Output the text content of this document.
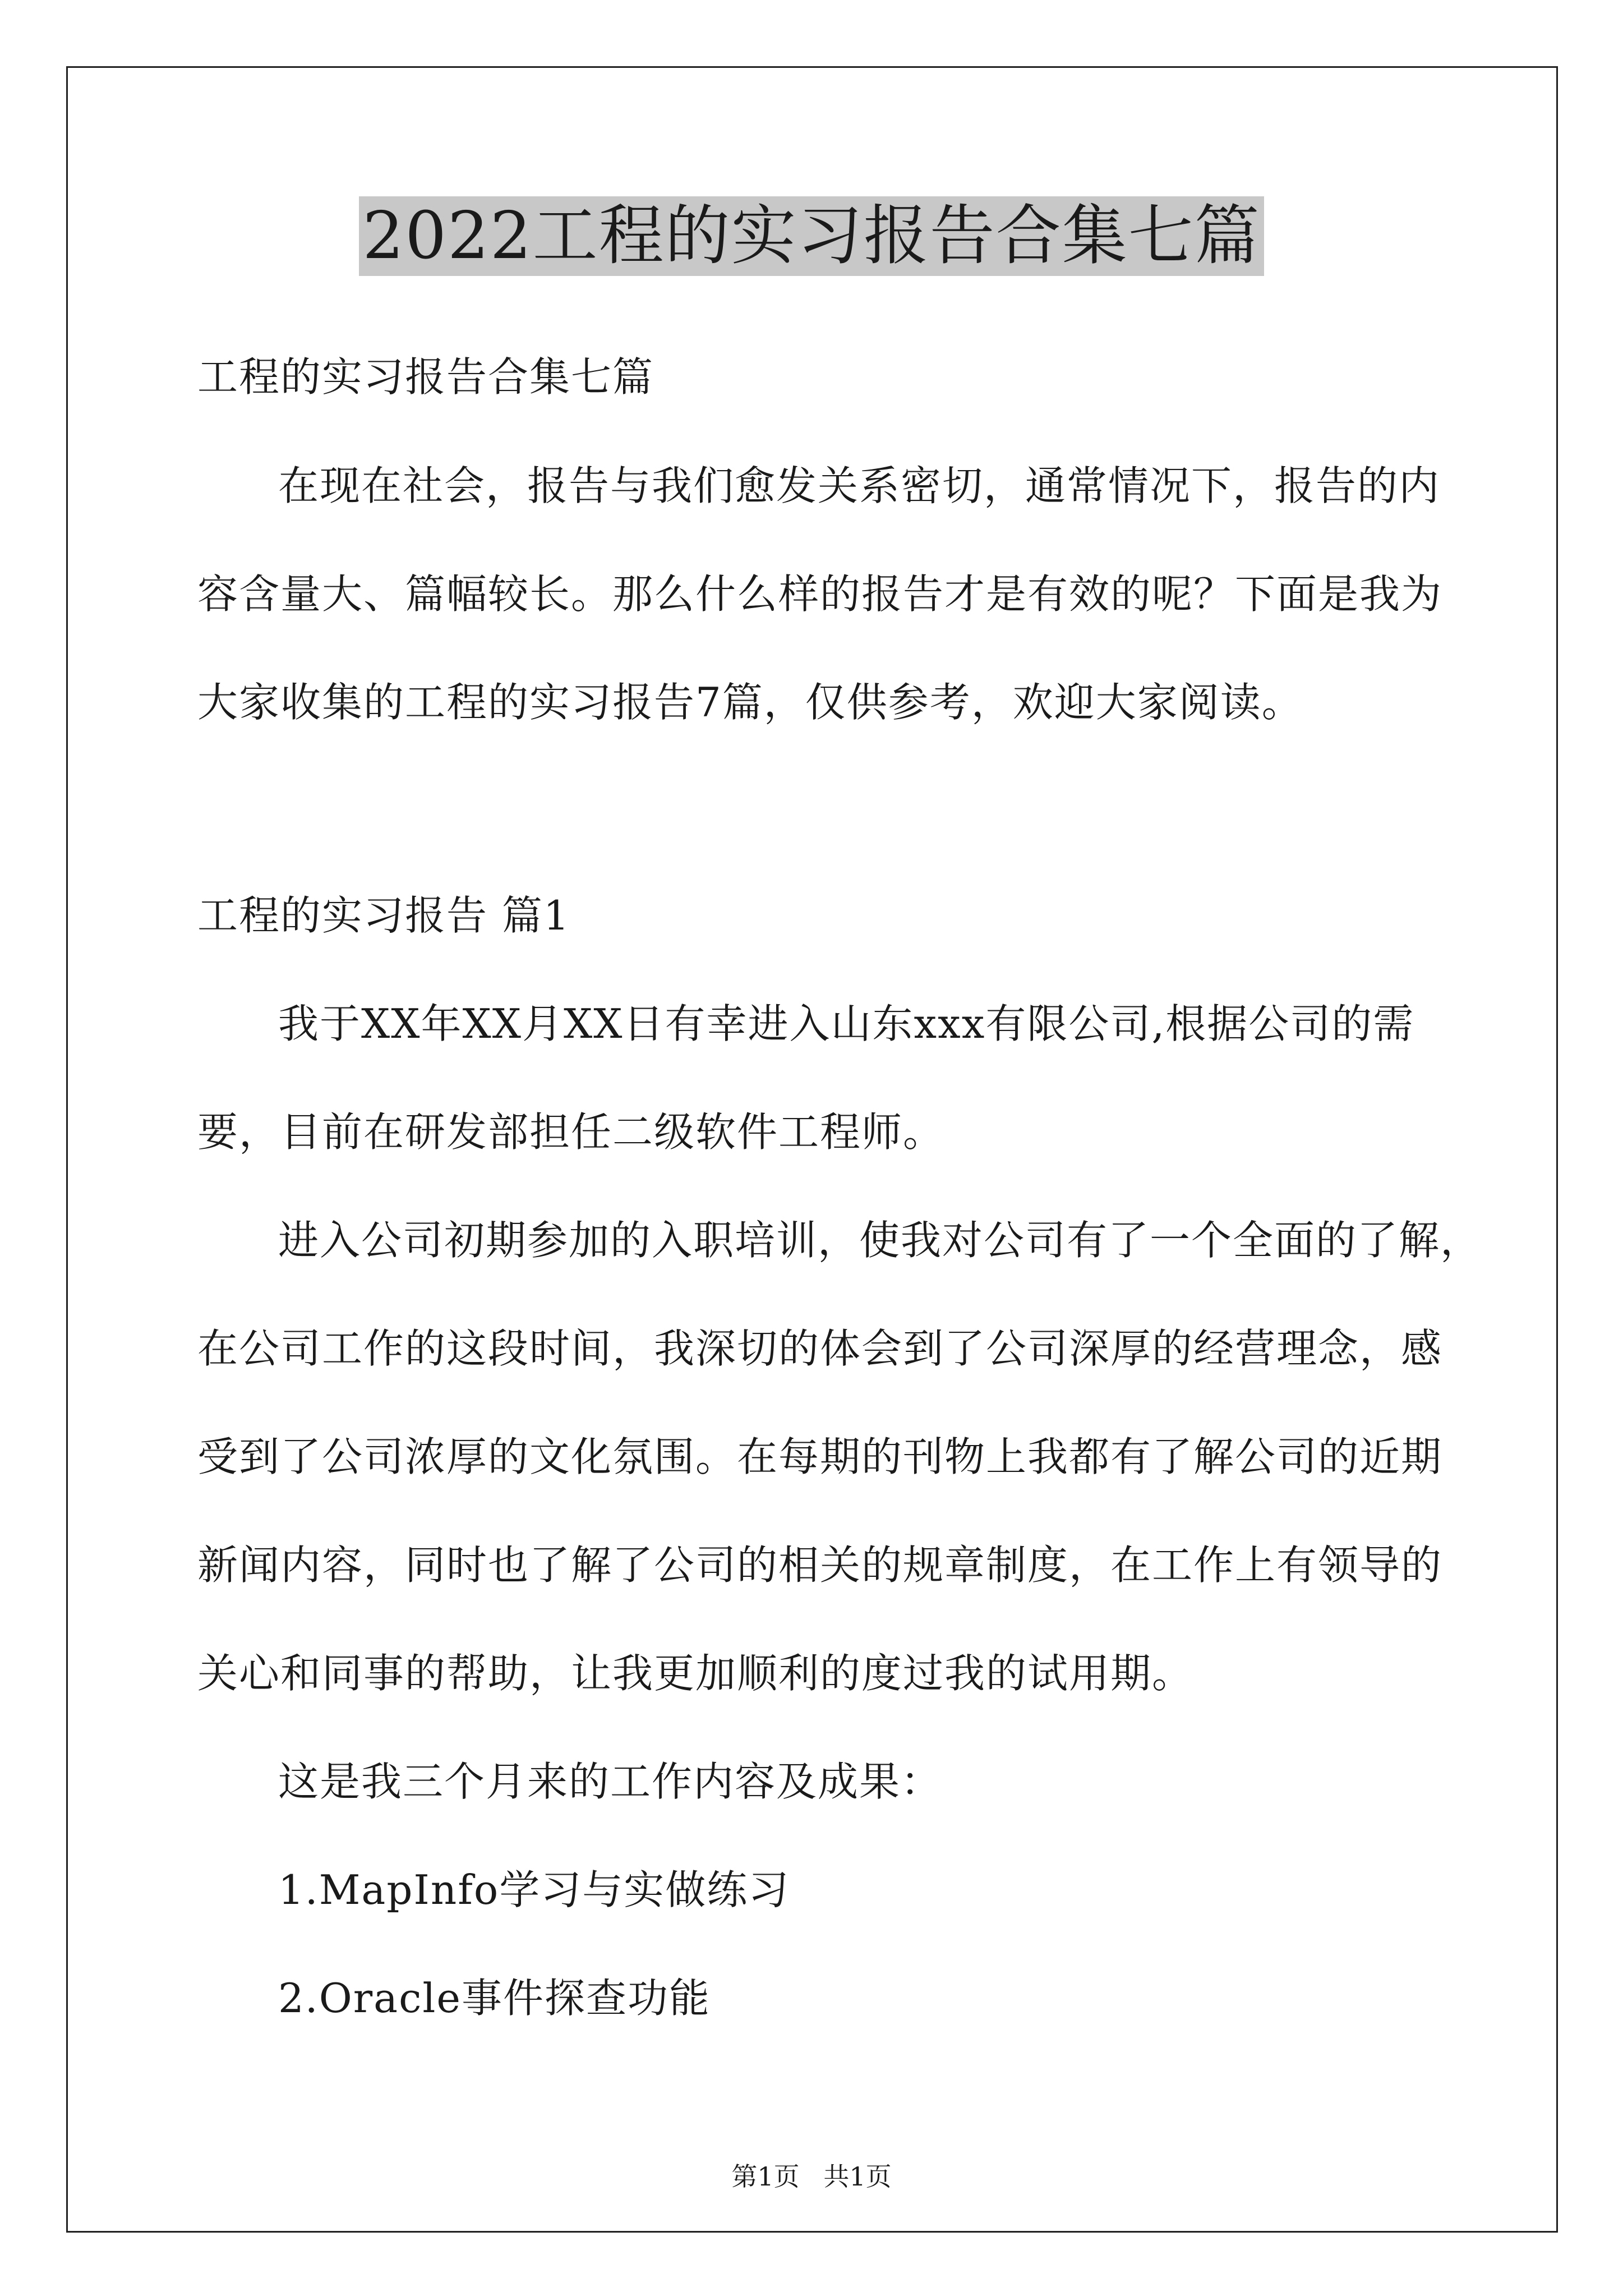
2022工程的实习报告合集七篇
工程的实习报告合集七篇
在现在社会，报告与我们愈发关系密切，通常情况下，报告的内
容含量大、篇幅较长。那么什么样的报告才是有效的呢？下面是我为
大家收集的工程的实习报告7篇，仅供参考，欢迎大家阅读。
工程的实习报告 篇1
我于XX年XX月XX日有幸进入山东xxx有限公司,根据公司的需
要，目前在研发部担任二级软件工程师。
进入公司初期参加的入职培训，使我对公司有了一个全面的了解，
在公司工作的这段时间，我深切的体会到了公司深厚的经营理念，感
受到了公司浓厚的文化氛围。在每期的刊物上我都有了解公司的近期
新闻内容，同时也了解了公司的相关的规章制度，在工作上有领导的
关心和同事的帮助，让我更加顺利的度过我的试用期。
这是我三个月来的工作内容及成果：
1.MapInfo学习与实做练习
2.Oracle事件探查功能
第1页 共1页
